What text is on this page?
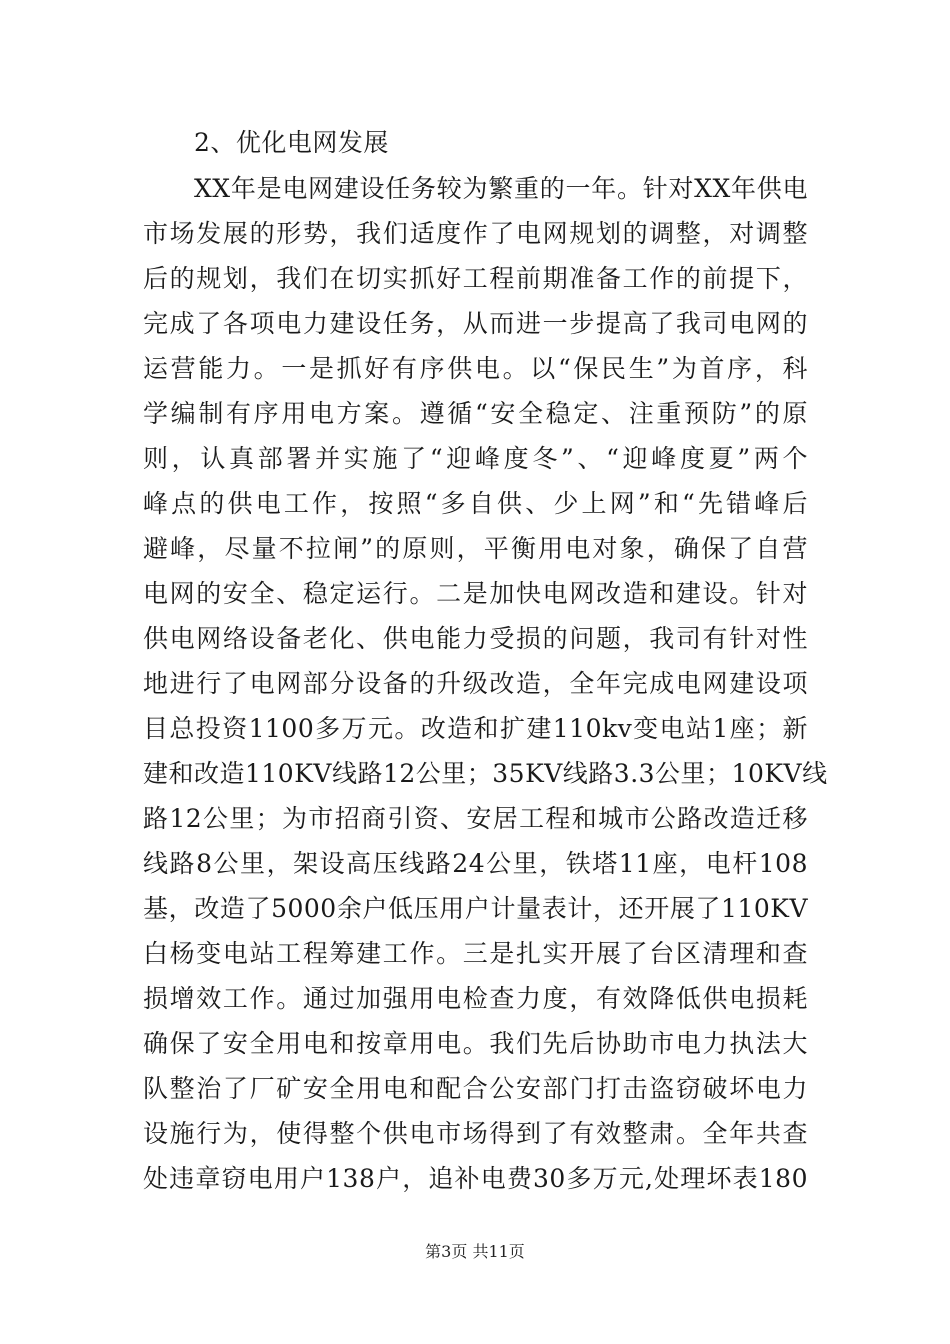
2、优化电网发展
XX年是电网建设任务较为繁重的一年。针对XX年供电
市场发展的形势，我们适度作了电网规划的调整，对调整
后的规划，我们在切实抓好工程前期准备工作的前提下，
完成了各项电力建设任务，从而进一步提高了我司电网的
运营能力。一是抓好有序供电。以“保民生”为首序，科
学编制有序用电方案。遵循“安全稳定、注重预防”的原
则，认真部署并实施了“迎峰度冬”、“迎峰度夏”两个
峰点的供电工作，按照“多自供、少上网”和“先错峰后
避峰，尽量不拉闸”的原则，平衡用电对象，确保了自营
电网的安全、稳定运行。二是加快电网改造和建设。针对
供电网络设备老化、供电能力受损的问题，我司有针对性
地进行了电网部分设备的升级改造，全年完成电网建设项
目总投资1100多万元。改造和扩建110kv变电站1座；新
建和改造110KV线路12公里；35KV线路3.3公里；10KV线
路12公里；为市招商引资、安居工程和城市公路改造迁移
线路8公里，架设高压线路24公里，铁塔11座，电杆108
基，改造了5000余户低压用户计量表计，还开展了110KV
白杨变电站工程筹建工作。三是扎实开展了台区清理和查
损增效工作。通过加强用电检查力度，有效降低供电损耗
确保了安全用电和按章用电。我们先后协助市电力执法大
队整治了厂矿安全用电和配合公安部门打击盗窃破坏电力
设施行为，使得整个供电市场得到了有效整肃。全年共查
处违章窃电用户138户，追补电费30多万元,处理坏表180
第3页 共11页
